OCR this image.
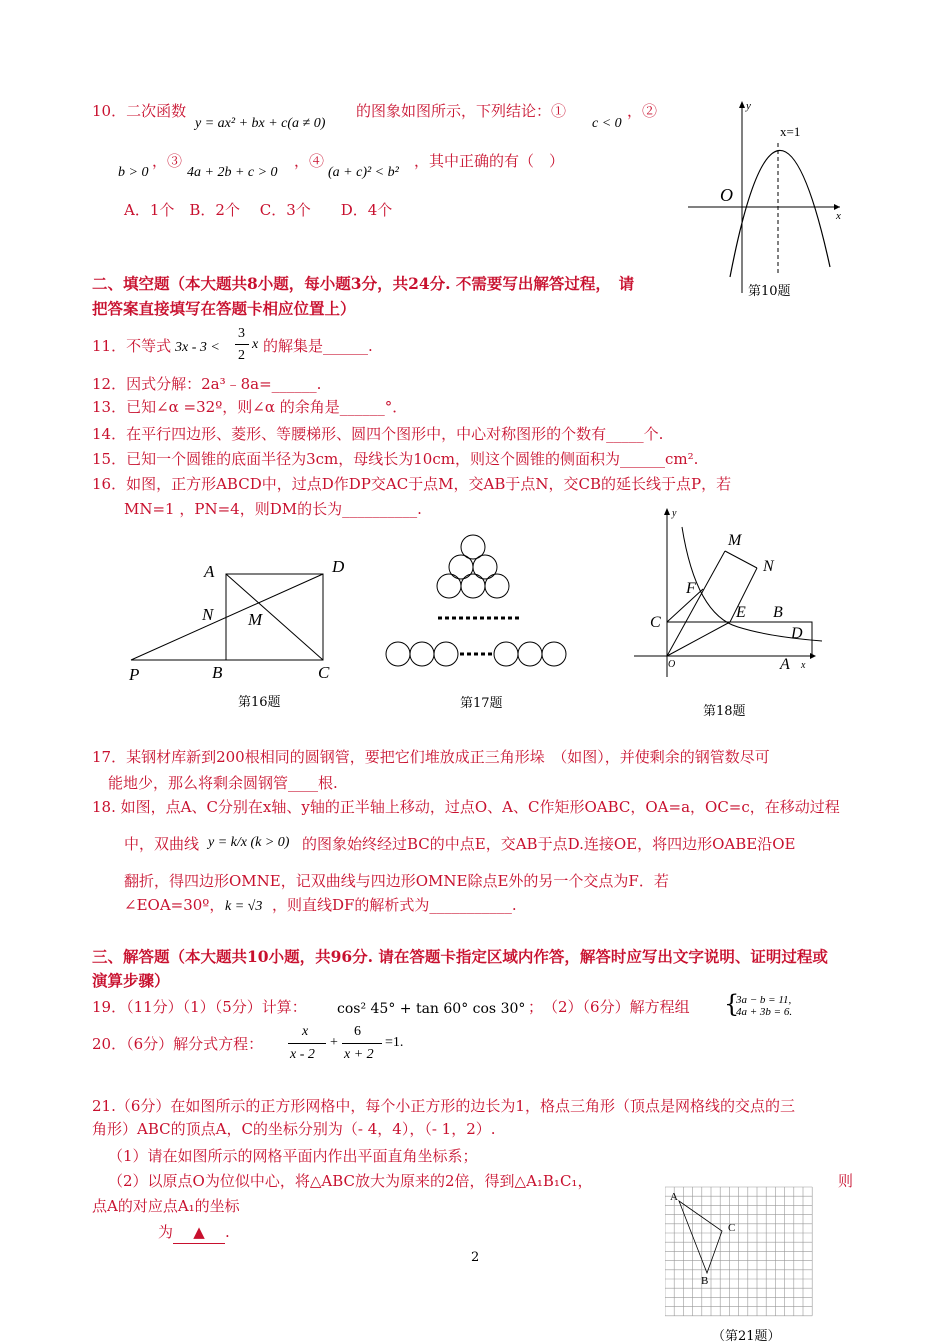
10．二次函数
y = ax² + bx + c(a ≠ 0)
的图象如图所示，下列结论：①
c < 0
，②
b > 0
，③
4a + 2b + c > 0
，④
(a + c)² < b²
，其中正确的有（　）
A．1个　B．2个　 C．3个　　D．4个
x=1
y
x
O
第10题
二、填空题（本大题共8小题，每小题3分，共24分. 不需要写出解答过程，　请
把答案直接填写在答题卡相应位置上）
11．不等式 3x - 3 <
3
2
x 的解集是______.
12．因式分解：2a³﹣8a=______.
13．已知∠α =32º，则∠α 的余角是______°．
14．在平行四边形、菱形、等腰梯形、圆四个图形中，中心对称图形的个数有_____个.
15．已知一个圆锥的底面半径为3cm，母线长为10cm，则这个圆锥的侧面积为______cm².
16．如图，正方形ABCD中，过点D作DP交AC于点M，交AB于点N，交CB的延长线于点P，若
MN=1 ，PN=4，则DM的长为__________.
A	D
N M
P	B	C
第16题	第17题
y
x
M
N
F
C
E B
D
O	A
第18题
17．某钢材库新到200根相同的圆钢管，要把它们堆放成正三角形垛　（如图），并使剩余的钢管数尽可
能地少，那么将剩余圆钢管____根.
18. 如图，点A、C分别在x轴、y轴的正半轴上移动，过点O、A、C作矩形OABC，OA=a，OC=c，在移动过程
中，双曲线 y = k/x (k > 0) 的图象始终经过BC的中点E，交AB于点D.连接OE，将四边形OABE沿OE
翻折，得四边形OMNE，记双曲线与四边形OMNE除点E外的另一个交点为F．若
∠EOA=30º， k = √3 ，则直线DF的解析式为___________.
三、解答题（本大题共10小题，共96分. 请在答题卡指定区域内作答，解答时应写出文字说明、证明过程或
演算步骤）
19．（11分）（1）（5分）计算： cos² 45° + tan 60° cos 30° ；　（2）（6分）解方程组 {
3a − b = 11,
4a + 3b = 6.
20．（6分）解分式方程：
x
x - 2
+
6
x + 2
=1.
21.（6分）在如图所示的正方形网格中，每个小正方形的边长为1，格点三角形（顶点是网格线的交点的三
角形）ABC的顶点A，C的坐标分别为（- 4，4），（- 1，2）.
（1）请在如图所示的网格平面内作出平面直角坐标系；
（2）以原点O为位似中心，将△ABC放大为原来的2倍，得到△A₁B₁C₁，	则
点A的对应点A₁的坐标
为 ▲ .
A
C
B
（第21题）
2
